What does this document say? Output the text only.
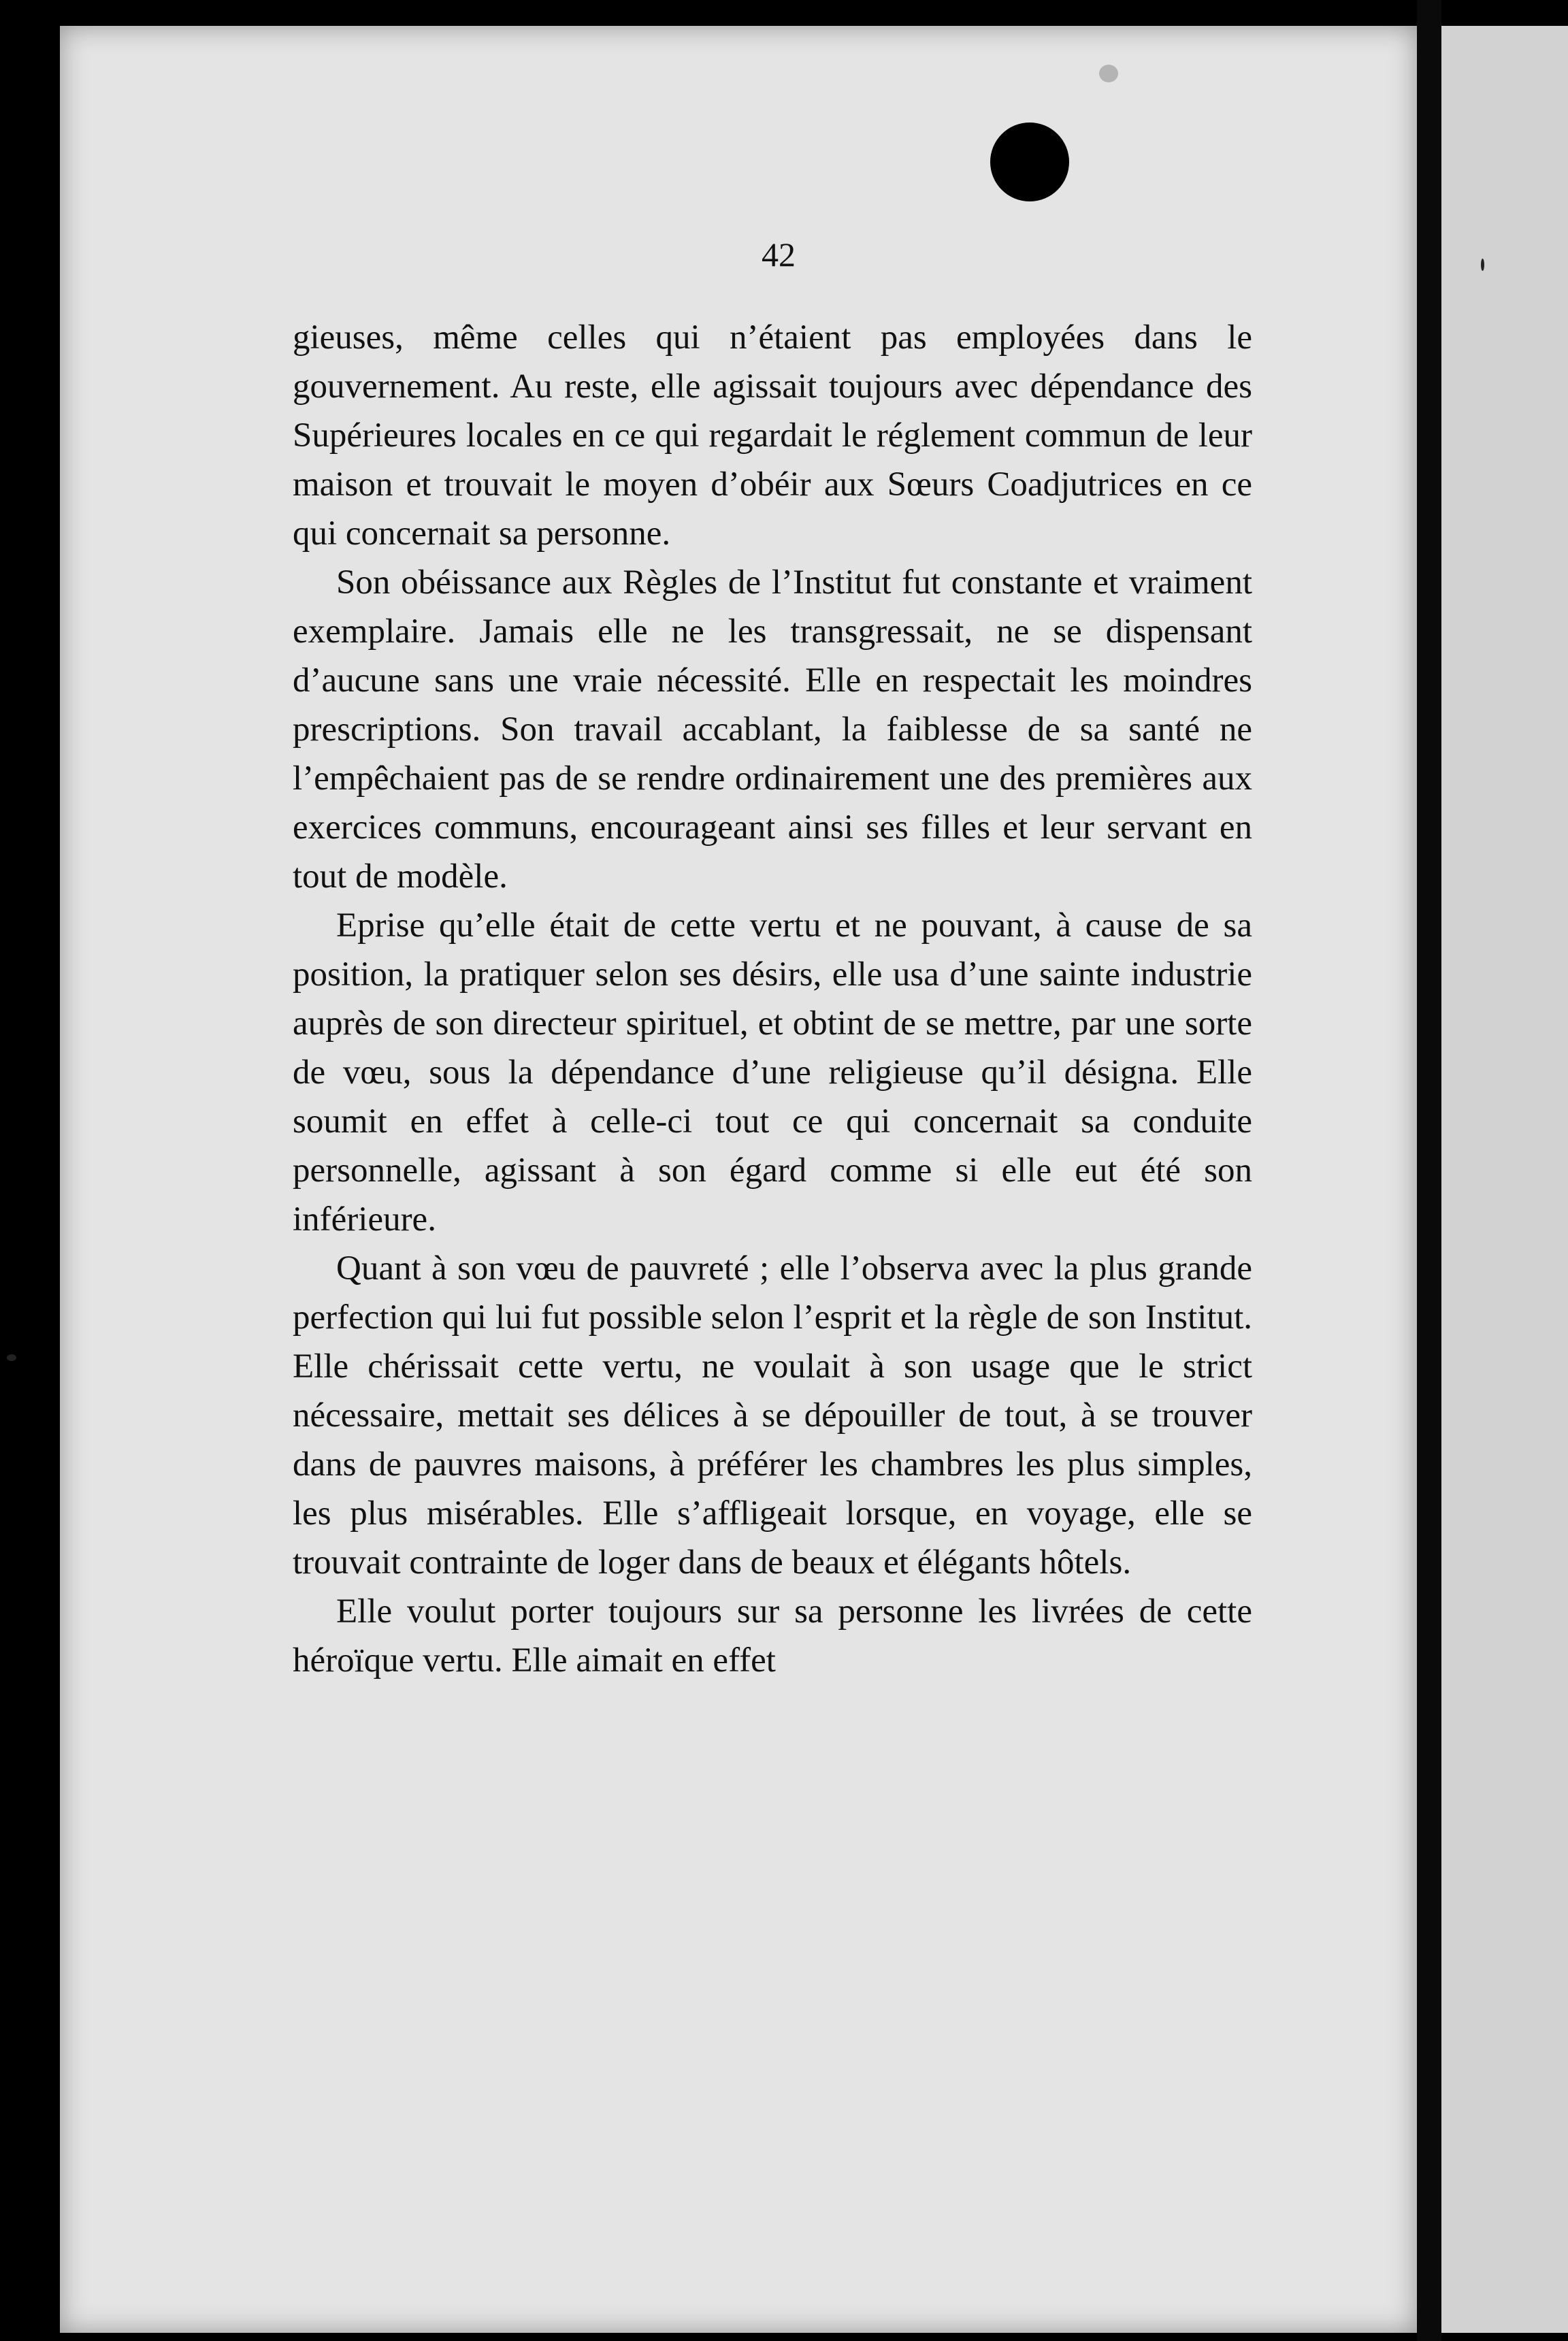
42

gieuses, même celles qui n’étaient pas employées dans le gouvernement. Au reste, elle agissait toujours avec dépendance des Supérieures locales en ce qui regardait le réglement commun de leur maison et trouvait le moyen d’obéir aux Sœurs Coadjutrices en ce qui concernait sa personne.

Son obéissance aux Règles de l’Institut fut constante et vraiment exemplaire. Jamais elle ne les transgressait, ne se dispensant d’aucune sans une vraie nécessité. Elle en respectait les moindres prescriptions. Son travail accablant, la faiblesse de sa santé ne l’empêchaient pas de se rendre ordinairement une des premières aux exercices communs, encourageant ainsi ses filles et leur servant en tout de modèle.

Eprise qu’elle était de cette vertu et ne pouvant, à cause de sa position, la pratiquer selon ses désirs, elle usa d’une sainte industrie auprès de son directeur spirituel, et obtint de se mettre, par une sorte de vœu, sous la dépendance d’une religieuse qu’il désigna. Elle soumit en effet à celle-ci tout ce qui concernait sa conduite personnelle, agissant à son égard comme si elle eut été son inférieure.

Quant à son vœu de pauvreté ; elle l’observa avec la plus grande perfection qui lui fut possible selon l’esprit et la règle de son Institut. Elle chérissait cette vertu, ne voulait à son usage que le strict nécessaire, mettait ses délices à se dépouiller de tout, à se trouver dans de pauvres maisons, à préférer les chambres les plus simples, les plus misérables. Elle s’affligeait lorsque, en voyage, elle se trouvait contrainte de loger dans de beaux et élégants hôtels.

Elle voulut porter toujours sur sa personne les livrées de cette héroïque vertu. Elle aimait en effet
